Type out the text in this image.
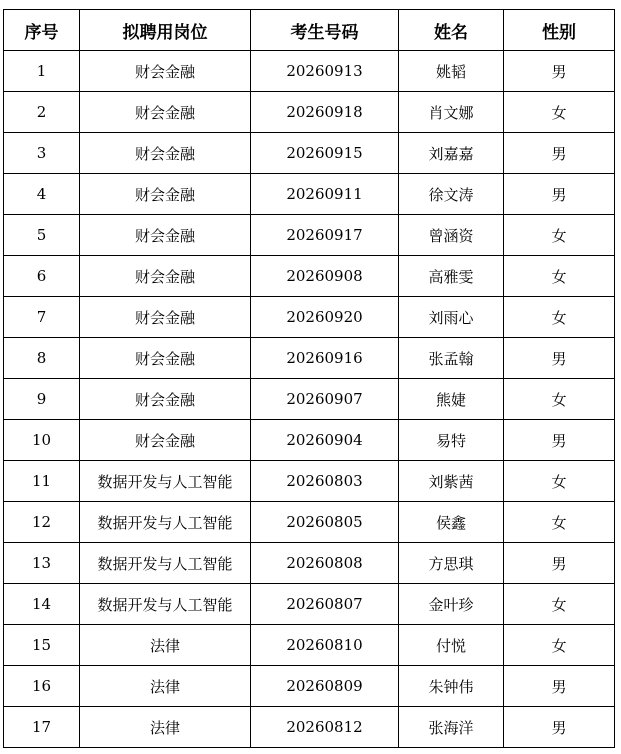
序号	拟聘用岗位	考生号码	姓名	性别
1	财会金融	20260913	姚韬	男
2	财会金融	20260918	肖文娜	女
3	财会金融	20260915	刘嘉嘉	男
4	财会金融	20260911	徐文涛	男
5	财会金融	20260917	曾涵资	女
6	财会金融	20260908	高雅雯	女
7	财会金融	20260920	刘雨心	女
8	财会金融	20260916	张孟翰	男
9	财会金融	20260907	熊婕	女
10	财会金融	20260904	易特	男
11	数据开发与人工智能	20260803	刘紫茜	女
12	数据开发与人工智能	20260805	侯鑫	女
13	数据开发与人工智能	20260808	方思琪	男
14	数据开发与人工智能	20260807	金叶珍	女
15	法律	20260810	付悦	女
16	法律	20260809	朱钟伟	男
17	法律	20260812	张海洋	男
